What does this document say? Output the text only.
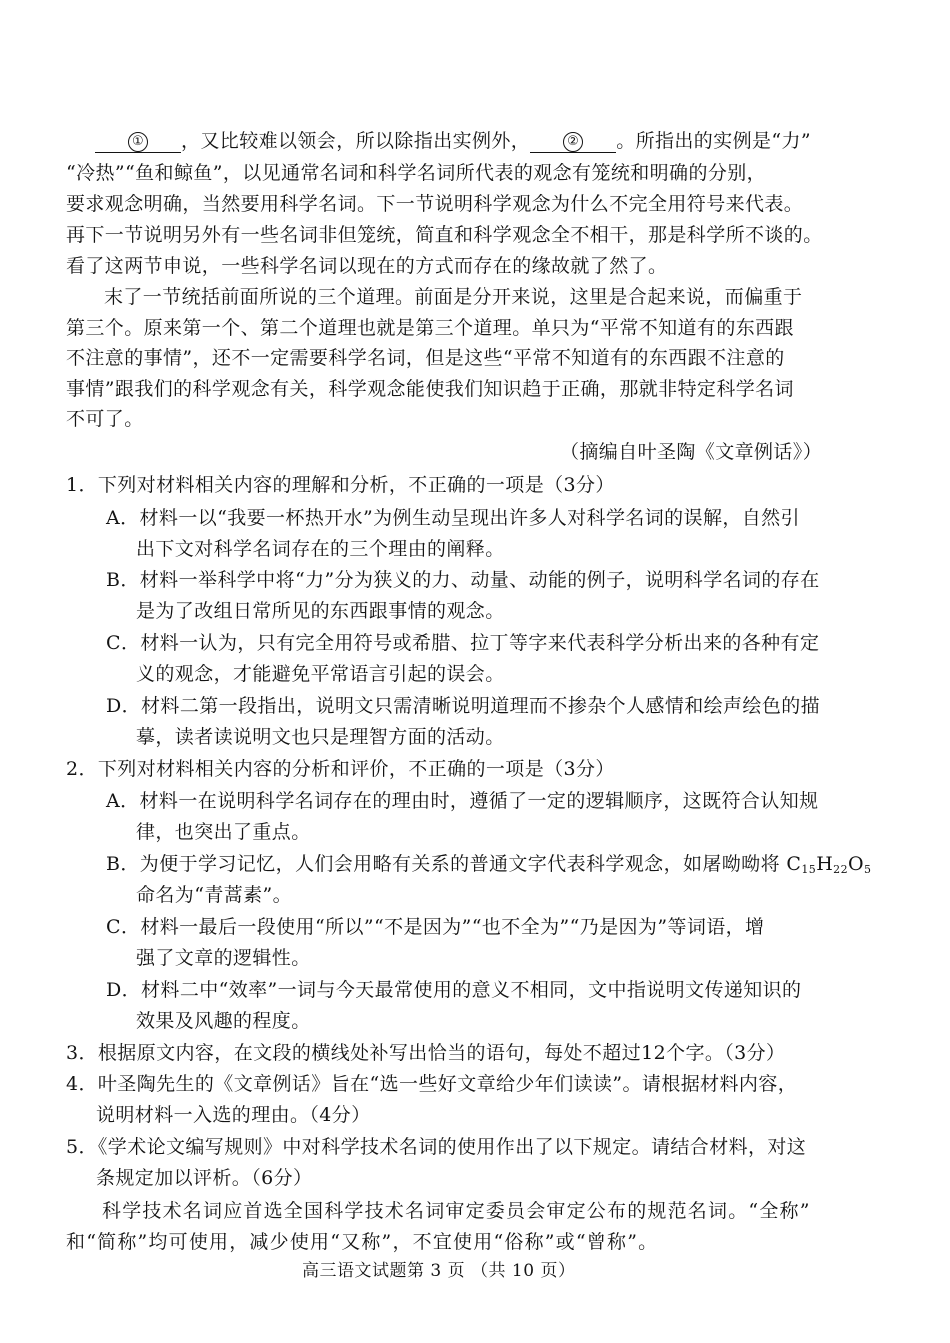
① ，又比较难以领会，所以除指出实例外，	② 。所指出的实例是“力”
“冷热”“鱼和鲸鱼”，以见通常名词和科学名词所代表的观念有笼统和明确的分别，
要求观念明确，当然要用科学名词。下一节说明科学观念为什么不完全用符号来代表。
再下一节说明另外有一些名词非但笼统，简直和科学观念全不相干，那是科学所不谈的。
看了这两节申说，一些科学名词以现在的方式而存在的缘故就了然了。
末了一节统括前面所说的三个道理。前面是分开来说，这里是合起来说，而偏重于
第三个。原来第一个、第二个道理也就是第三个道理。单只为“平常不知道有的东西跟
不注意的事情”，还不一定需要科学名词，但是这些“平常不知道有的东西跟不注意的
事情”跟我们的科学观念有关，科学观念能使我们知识趋于正确，那就非特定科学名词
不可了。
（摘编自叶圣陶《文章例话》）
1．下列对材料相关内容的理解和分析，不正确的一项是（3分）
A．材料一以“我要一杯热开水”为例生动呈现出许多人对科学名词的误解，自然引
出下文对科学名词存在的三个理由的阐释。
B．材料一举科学中将“力”分为狭义的力、动量、动能的例子，说明科学名词的存在
是为了改组日常所见的东西跟事情的观念。
C．材料一认为，只有完全用符号或希腊、拉丁等字来代表科学分析出来的各种有定
义的观念，才能避免平常语言引起的误会。
D．材料二第一段指出，说明文只需清晰说明道理而不掺杂个人感情和绘声绘色的描
摹，读者读说明文也只是理智方面的活动。
2．下列对材料相关内容的分析和评价，不正确的一项是（3分）
A．材料一在说明科学名词存在的理由时，遵循了一定的逻辑顺序，这既符合认知规
律，也突出了重点。
B．为便于学习记忆，人们会用略有关系的普通文字代表科学观念，如屠呦呦将 $C_{15}H_{22}O_5$
命名为“青蒿素”。
C．材料一最后一段使用“所以”“不是因为”“也不全为”“乃是因为”等词语，增
强了文章的逻辑性。
D．材料二中“效率”一词与今天最常使用的意义不相同，文中指说明文传递知识的
效果及风趣的程度。
3．根据原文内容，在文段的横线处补写出恰当的语句，每处不超过12个字。（3分）
4．叶圣陶先生的《文章例话》旨在“选一些好文章给少年们读读”。请根据材料内容，
说明材料一入选的理由。（4分）
5．《学术论文编写规则》中对科学技术名词的使用作出了以下规定。请结合材料，对这
条规定加以评析。（6分）
科学技术名词应首选全国科学技术名词审定委员会审定公布的规范名词。“全称”
和“简称”均可使用，减少使用“又称”，不宜使用“俗称”或“曾称”。
高三语文试题第 3 页 （共 10 页）
